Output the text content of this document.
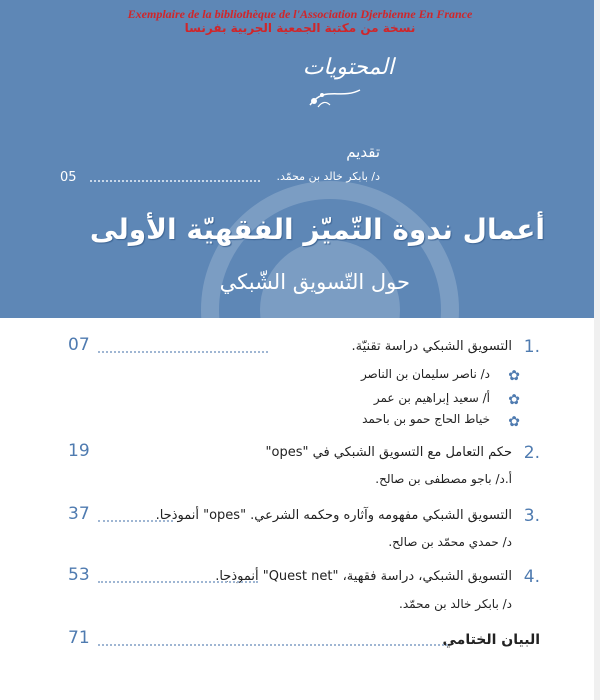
Exemplaire de la bibliothèque de l'Association Djerbienne En France
نسخة من مكتبة الجمعية الجربية بفرنسا
المحتويات
تقديم
05	د/ بابكر خالد بن محمّد.
أعمال ندوة التّميّز الفقهيّة الأولى
حول التّسويق الشّبكي
1.
التسويق الشبكي دراسة تقنيّة.
07
✿
د/ ناصر سليمان بن الناصر
✿
أ/ سعيد إبراهيم بن عمر
✿
خياط الحاج حمو بن باحمد
2.
حكم التعامل مع التسويق الشبكي في "opes"
19
أ.د/ باجو مصطفى بن صالح.
3.
التسويق الشبكي مفهومه وآثاره وحكمه الشرعي. "opes" أنموذجا.
37
د/ حمدي محمّد بن صالح.
4.
التسويق الشبكي، دراسة فقهية، "Quest net" أنموذجا.
53
د/ بابكر خالد بن محمّد.
البيان الختامي
71
